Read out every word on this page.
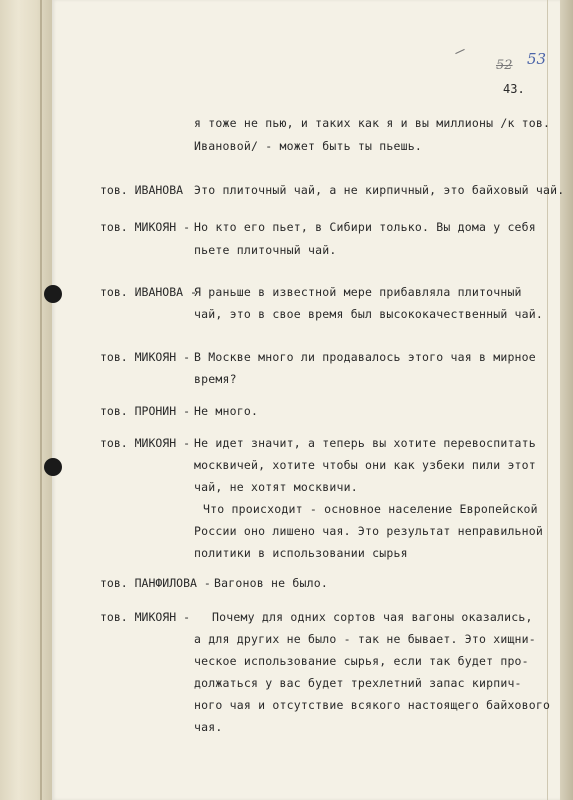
52 53
43.
я тоже не пью, и таких как я и вы миллионы /к тов.
Ивановой/ - может быть ты пьешь.
тов. ИВАНОВА Это плиточный чай, а не кирпичный, это байховый чай.
тов. МИКОЯН - Но кто его пьет, в Сибири только. Вы дома у себя
пьете плиточный чай.
тов. ИВАНОВА -
Я раньше в известной мере прибавляла плиточный
чай, это в свое время был высококачественный чай.
тов. МИКОЯН - В Москве много ли продавалось этого чая в мирное
время?
тов. ПРОНИН - Не много.
тов. МИКОЯН - Не идет значит, а теперь вы хотите перевоспитать
москвичей, хотите чтобы они как узбеки пили этот
чай, не хотят москвичи.
Что происходит - основное население Европейской
России оно лишено чая. Это результат неправильной
политики в использовании сырья
тов. ПАНФИЛОВА - Вагонов не было.
тов. МИКОЯН - Почему для одних сортов чая вагоны оказались,
а для других не было - так не бывает. Это хищни-
ческое использование сырья, если так будет про-
должаться у вас будет трехлетний запас кирпич-
ного чая и отсутствие всякого настоящего байхового
чая.
